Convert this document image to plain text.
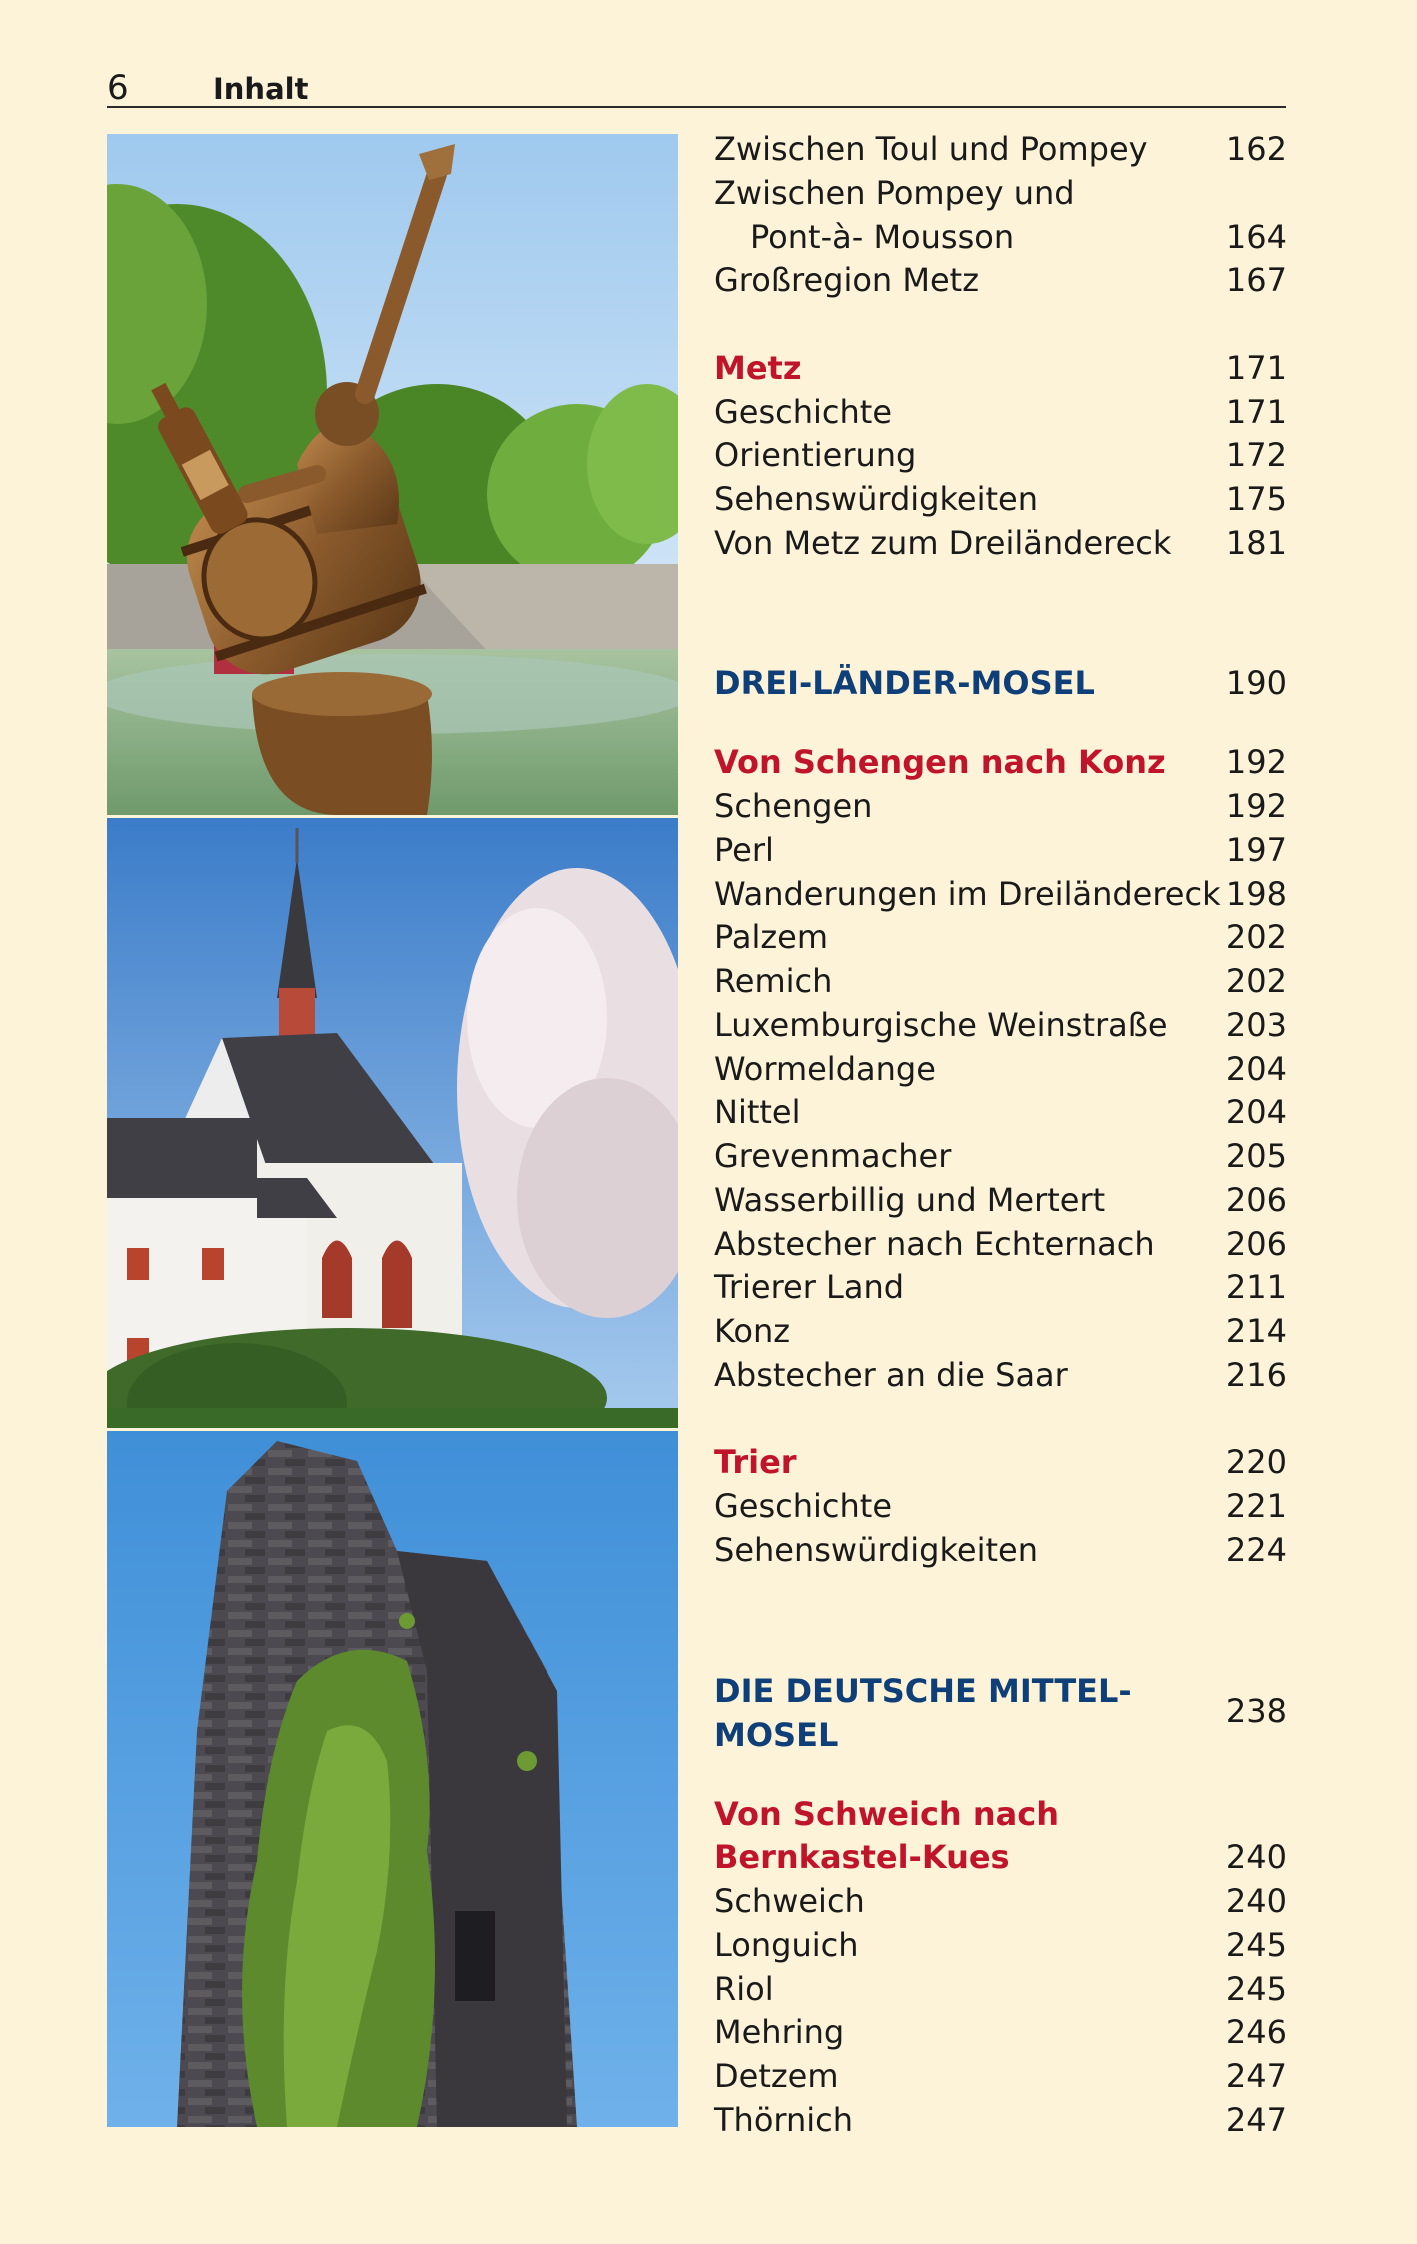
6	Inhalt
Zwischen Toul und Pompey 162
Zwischen Pompey und
Pont-à- Mousson	164
Großregion Metz	167
Metz	171
Geschichte	171
Orientierung	172
Sehenswürdigkeiten	175
Von Metz zum Dreiländereck 181
DREI-LÄNDER-MOSEL	190
Von Schengen nach Konz 192
Schengen	192
Perl	197
Wanderungen im Dreiländereck 198
Palzem	202
Remich	202
Luxemburgische Weinstraße 203
Wormeldange	204
Nittel	204
Grevenmacher	205
Wasserbillig und Mertert	206
Abstecher nach Echternach 206
Trierer Land	211
Konz	214
Abstecher an die Saar	216
Trier	220
Geschichte	221
Sehenswürdigkeiten	224
DIE DEUTSCHE MITTEL-
MOSEL
238
Von Schweich nach
Bernkastel-Kues	240
Schweich	240
Longuich	245
Riol	245
Mehring	246
Detzem	247
Thörnich	247
